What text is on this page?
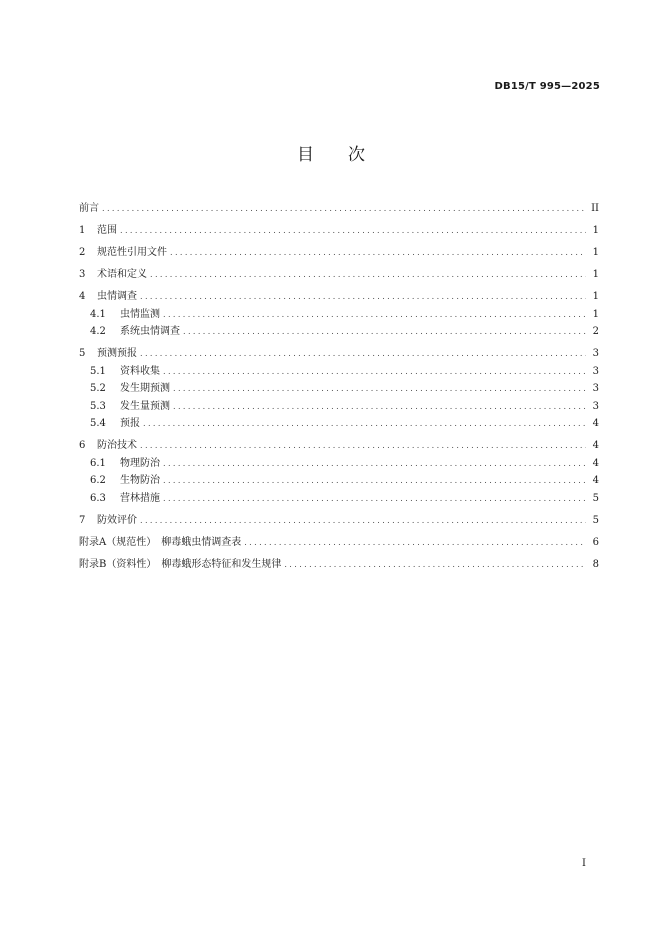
DB15/T 995—2025
目 次
前言 .....	II
1	范围 .....	1
2	规范性引用文件 .....	1
3	术语和定义 .....	1
4	虫情调查 .....	1
4.1	虫情监测 .....	1
4.2	系统虫情调查 .....	2
5	预测预报 .....	3
5.1	资料收集 .....	3
5.2	发生期预测 .....	3
5.3	发生量预测 .....	3
5.4	预报 .....	4
6	防治技术 .....	4
6.1	物理防治 .....	4
6.2	生物防治 .....	4
6.3	营林措施 .....	5
7	防效评价 .....	5
附录A（规范性）　柳毒蛾虫情调查表 .....	6
附录B（资料性）　柳毒蛾形态特征和发生规律 .....	8
I
